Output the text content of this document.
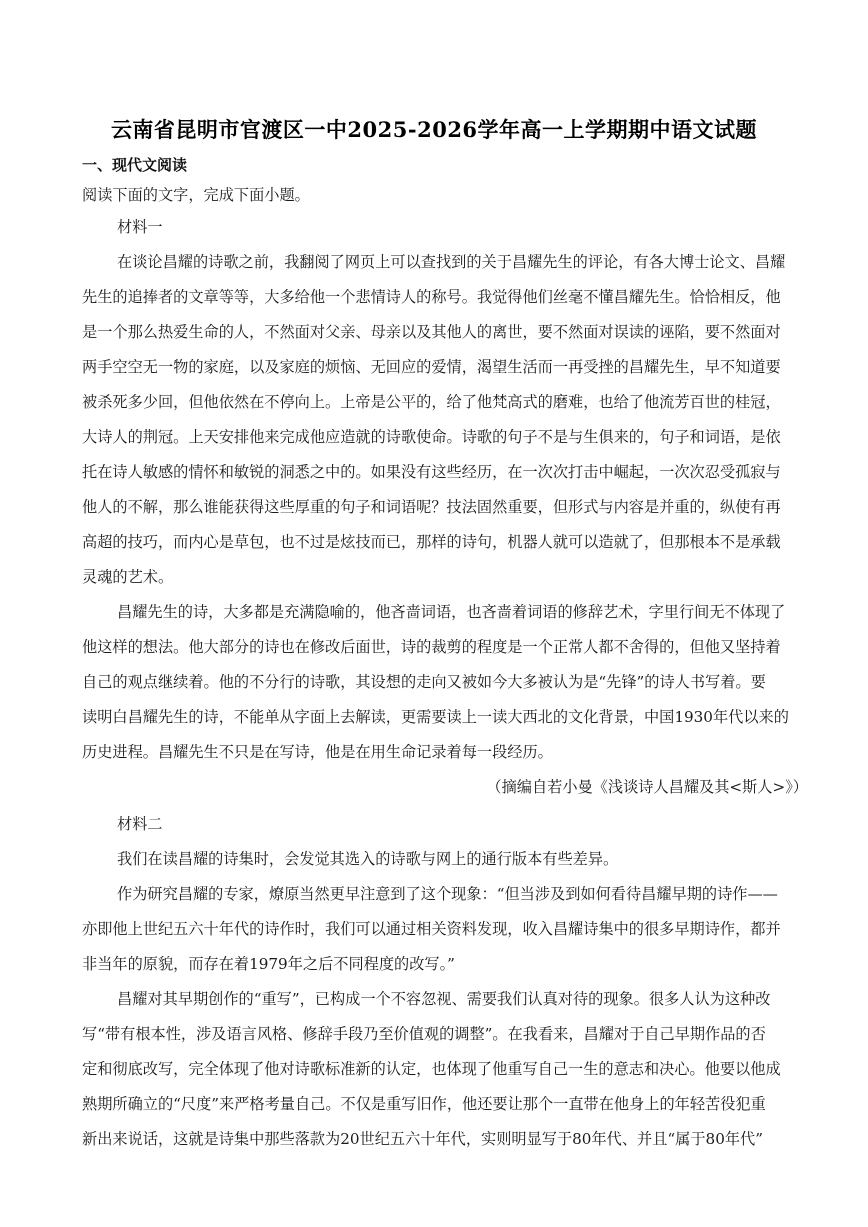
云南省昆明市官渡区一中2025-2026学年高一上学期期中语文试题
一、现代文阅读
阅读下面的文字，完成下面小题。
材料一
在谈论昌耀的诗歌之前，我翻阅了网页上可以查找到的关于昌耀先生的评论，有各大博士论文、昌耀
先生的追捧者的文章等等，大多给他一个悲情诗人的称号。我觉得他们丝毫不懂昌耀先生。恰恰相反，他
是一个那么热爱生命的人，不然面对父亲、母亲以及其他人的离世，要不然面对误读的诬陷，要不然面对
两手空空无一物的家庭，以及家庭的烦恼、无回应的爱情，渴望生活而一再受挫的昌耀先生，早不知道要
被杀死多少回，但他依然在不停向上。上帝是公平的，给了他梵高式的磨难，也给了他流芳百世的桂冠，
大诗人的荆冠。上天安排他来完成他应造就的诗歌使命。诗歌的句子不是与生俱来的，句子和词语，是依
托在诗人敏感的情怀和敏锐的洞悉之中的。如果没有这些经历，在一次次打击中崛起，一次次忍受孤寂与
他人的不解，那么谁能获得这些厚重的句子和词语呢？技法固然重要，但形式与内容是并重的，纵使有再
高超的技巧，而内心是草包，也不过是炫技而已，那样的诗句，机器人就可以造就了，但那根本不是承载
灵魂的艺术。
昌耀先生的诗，大多都是充满隐喻的，他吝啬词语，也吝啬着词语的修辞艺术，字里行间无不体现了
他这样的想法。他大部分的诗也在修改后面世，诗的裁剪的程度是一个正常人都不舍得的，但他又坚持着
自己的观点继续着。他的不分行的诗歌，其设想的走向又被如今大多被认为是“先锋”的诗人书写着。要
读明白昌耀先生的诗，不能单从字面上去解读，更需要读上一读大西北的文化背景，中国1930年代以来的
历史进程。昌耀先生不只是在写诗，他是在用生命记录着每一段经历。
（摘编自若小曼《浅谈诗人昌耀及其<斯人>》）
材料二
我们在读昌耀的诗集时，会发觉其选入的诗歌与网上的通行版本有些差异。
作为研究昌耀的专家，燎原当然更早注意到了这个现象：“但当涉及到如何看待昌耀早期的诗作——
亦即他上世纪五六十年代的诗作时，我们可以通过相关资料发现，收入昌耀诗集中的很多早期诗作，都并
非当年的原貌，而存在着1979年之后不同程度的改写。”
昌耀对其早期创作的“重写”，已构成一个不容忽视、需要我们认真对待的现象。很多人认为这种改
写“带有根本性，涉及语言风格、修辞手段乃至价值观的调整”。在我看来，昌耀对于自己早期作品的否
定和彻底改写，完全体现了他对诗歌标准新的认定，也体现了他重写自己一生的意志和决心。他要以他成
熟期所确立的“尺度”来严格考量自己。不仅是重写旧作，他还要让那个一直带在他身上的年轻苦役犯重
新出来说话，这就是诗集中那些落款为20世纪五六十年代，实则明显写于80年代、并且“属于80年代”
